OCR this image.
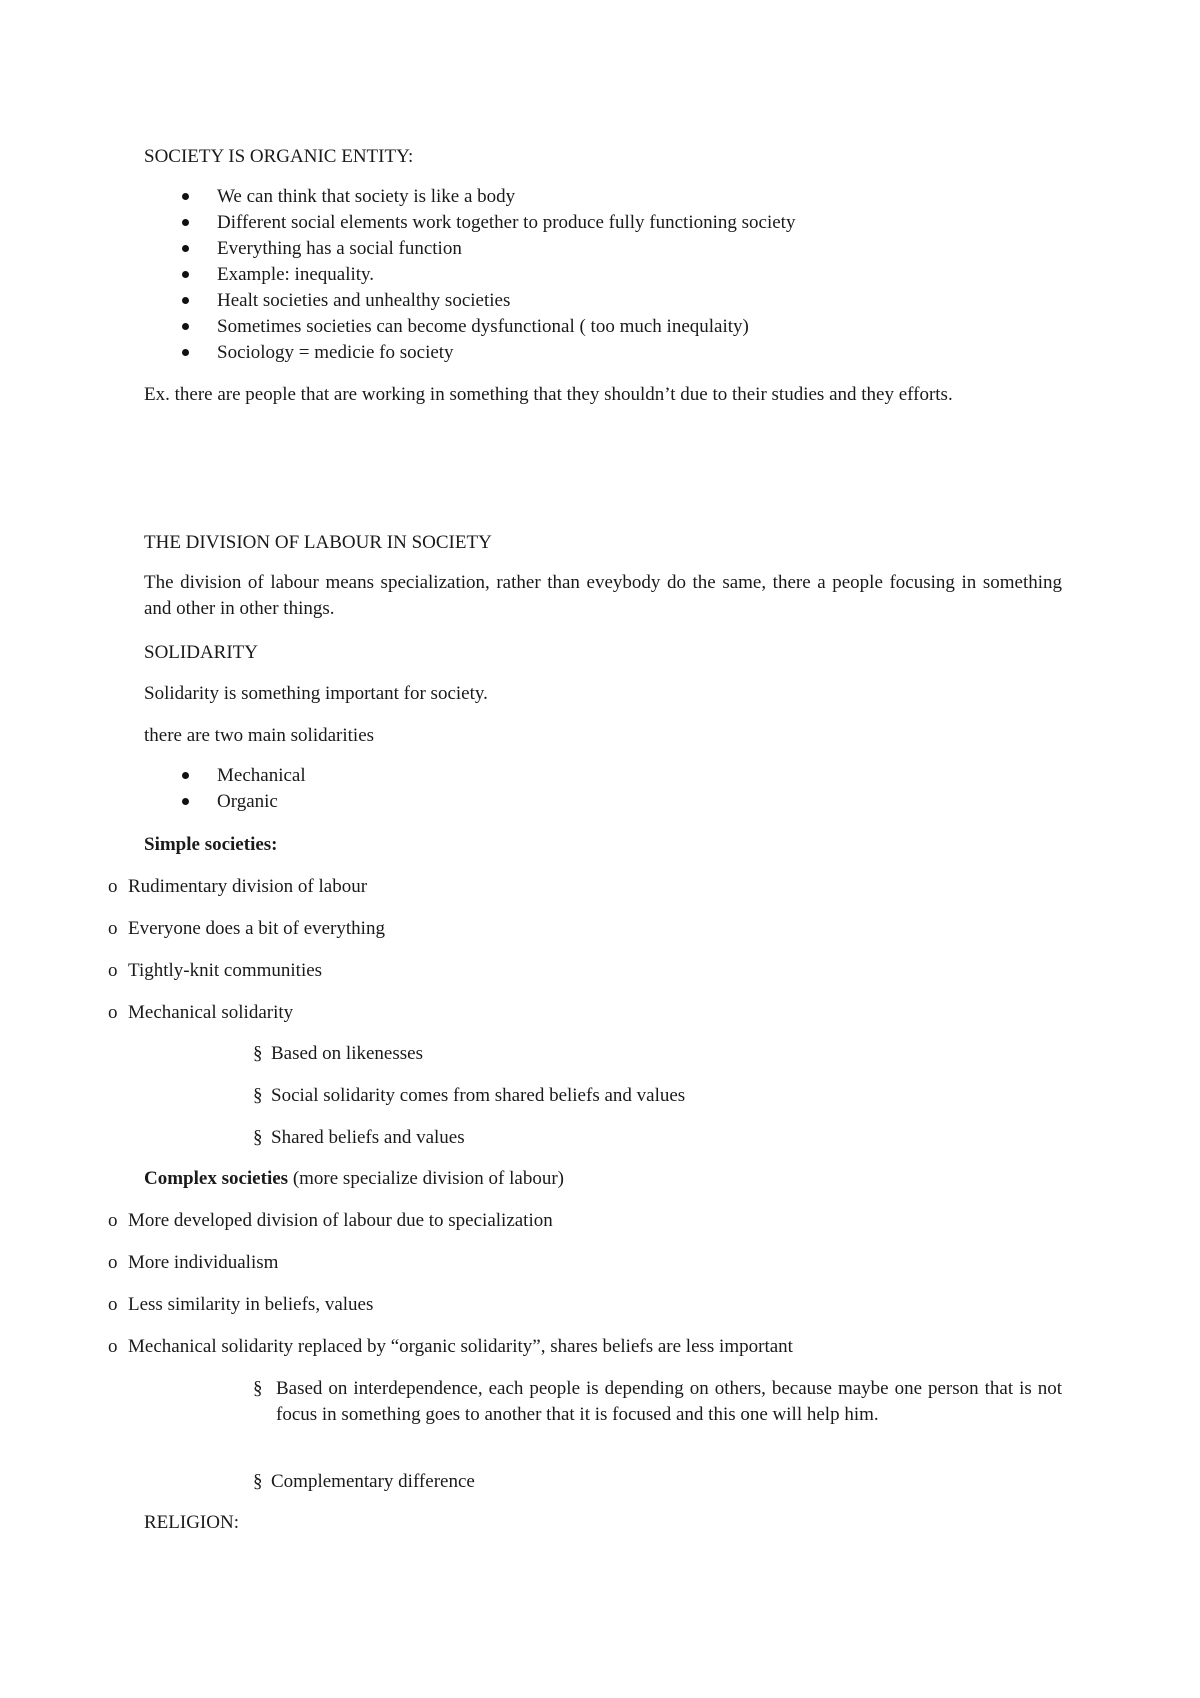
SOCIETY IS ORGANIC ENTITY:

We can think that society is like a body

Different social elements work together to produce fully functioning society

Everything has a social function

Example: inequality.

Healt societies and unhealthy societies

Sometimes societies can become dysfunctional ( too much inequlaity)

Sociology = medicie fo society

Ex. there are people that are working in something that they shouldn’t due to their studies and they efforts.

THE DIVISION OF LABOUR IN SOCIETY

The division of labour means specialization, rather than eveybody do the same, there a people focusing in something and other in other things.

SOLIDARITY

Solidarity is something important for society.

there are two main solidarities

Mechanical

Organic

Simple societies:

o Rudimentary division of labour

o Everyone does a bit of everything

o Tightly-knit communities

o Mechanical solidarity

§ Based on likenesses

§ Social solidarity comes from shared beliefs and values

§ Shared beliefs and values

Complex societies (more specialize division of labour)

o More developed division of labour due to specialization

o More individualism

o Less similarity in beliefs, values

o Mechanical solidarity replaced by “organic solidarity”, shares beliefs are less important

§ Based on interdependence, each people is depending on others, because maybe one person that is not focus in something goes to another that it is focused and this one will help him.

§ Complementary difference

RELIGION:
